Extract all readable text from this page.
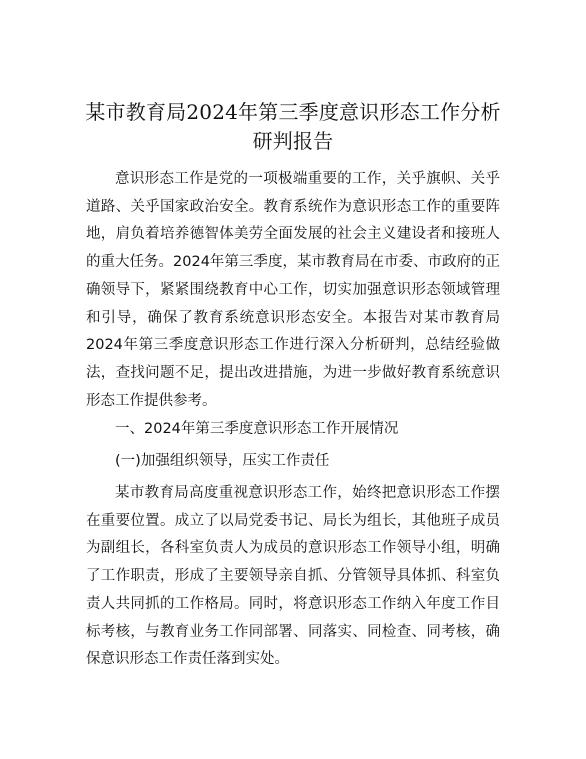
某市教育局2024年第三季度意识形态工作分析
研判报告

意识形态工作是党的一项极端重要的工作，关乎旗帜、关乎道路、关乎国家政治安全。教育系统作为意识形态工作的重要阵地，肩负着培养德智体美劳全面发展的社会主义建设者和接班人的重大任务。2024年第三季度，某市教育局在市委、市政府的正确领导下，紧紧围绕教育中心工作，切实加强意识形态领域管理和引导，确保了教育系统意识形态安全。本报告对某市教育局2024年第三季度意识形态工作进行深入分析研判，总结经验做法，查找问题不足，提出改进措施，为进一步做好教育系统意识形态工作提供参考。

一、2024年第三季度意识形态工作开展情况

(一)加强组织领导，压实工作责任

某市教育局高度重视意识形态工作，始终把意识形态工作摆在重要位置。成立了以局党委书记、局长为组长，其他班子成员为副组长，各科室负责人为成员的意识形态工作领导小组，明确了工作职责，形成了主要领导亲自抓、分管领导具体抓、科室负责人共同抓的工作格局。同时，将意识形态工作纳入年度工作目标考核，与教育业务工作同部署、同落实、同检查、同考核，确保意识形态工作责任落到实处。
